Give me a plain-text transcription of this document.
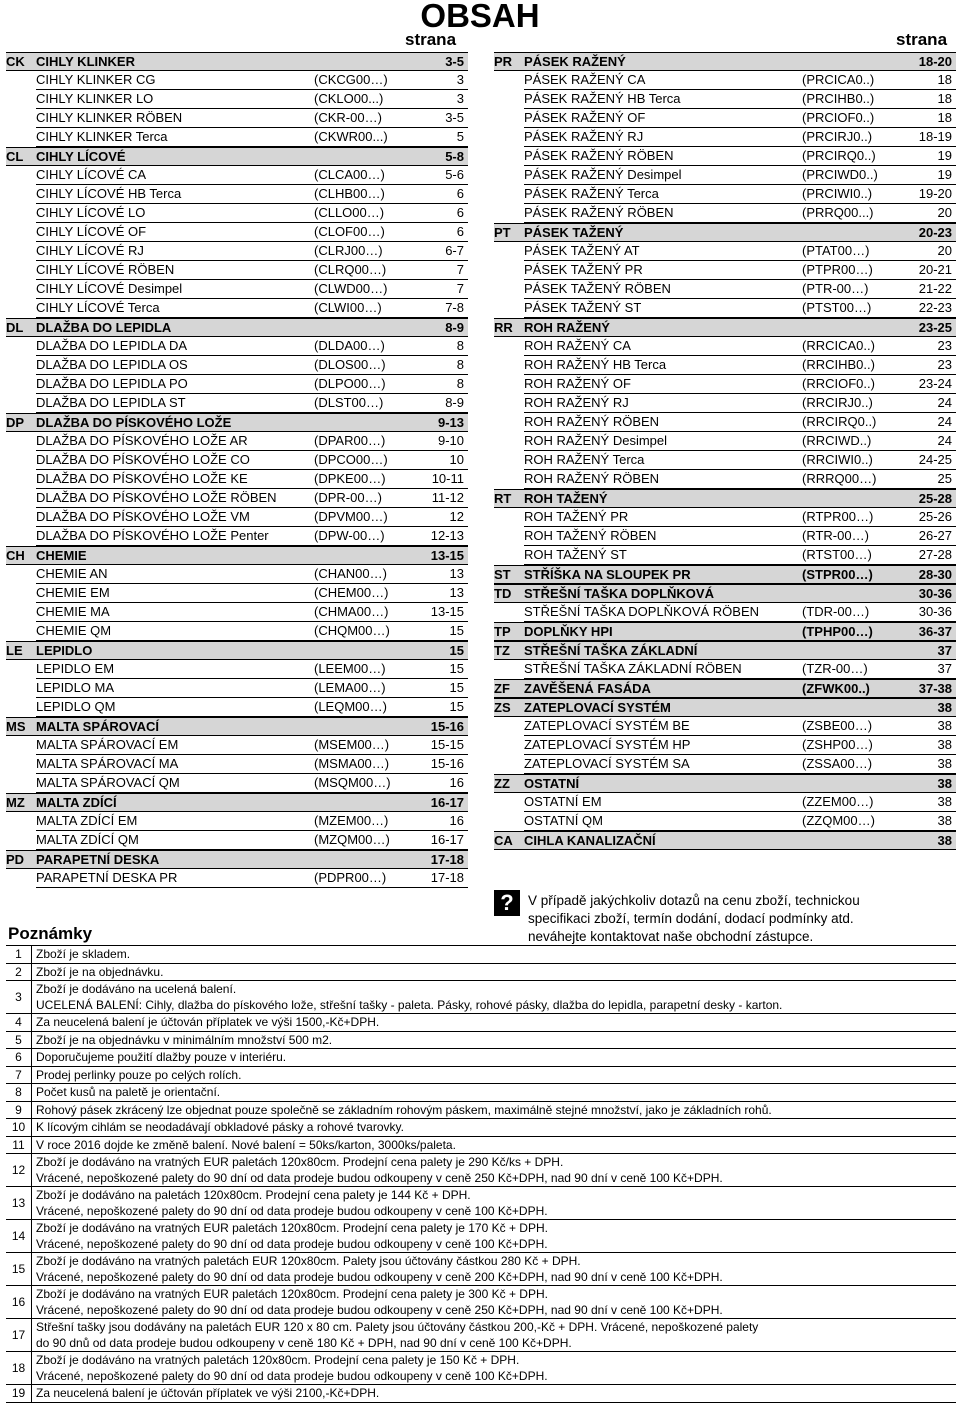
OBSAH
strana	strana
CK CIHLY KLINKER	3-5
CIHLY KLINKER CG	(CKCG00…)	3
CIHLY KLINKER LO	(CKLO00...)	3
CIHLY KLINKER RÖBEN	(CKR-00…)	3-5
CIHLY KLINKER Terca	(CKWR00...)	5
CL CIHLY LÍCOVÉ	5-8
CIHLY LÍCOVÉ CA	(CLCA00…)	5-6
CIHLY LÍCOVÉ HB Terca	(CLHB00…)	6
CIHLY LÍCOVÉ LO	(CLLO00…)	6
CIHLY LÍCOVÉ OF	(CLOF00…)	6
CIHLY LÍCOVÉ RJ	(CLRJ00…)	6-7
CIHLY LÍCOVÉ RÖBEN	(CLRQ00…)	7
CIHLY LÍCOVÉ Desimpel	(CLWD00…)	7
CIHLY LÍCOVÉ Terca	(CLWI00…)	7-8
DL DLAŽBA DO LEPIDLA	8-9
DLAŽBA DO LEPIDLA DA	(DLDA00…)	8
DLAŽBA DO LEPIDLA OS	(DLOS00…)	8
DLAŽBA DO LEPIDLA PO	(DLPO00…)	8
DLAŽBA DO LEPIDLA ST	(DLST00…)	8-9
DP DLAŽBA DO PÍSKOVÉHO LOŽE	9-13
DLAŽBA DO PÍSKOVÉHO LOŽE AR	(DPAR00…)	9-10
DLAŽBA DO PÍSKOVÉHO LOŽE CO	(DPCO00…)	10
DLAŽBA DO PÍSKOVÉHO LOŽE KE	(DPKE00…)	10-11
DLAŽBA DO PÍSKOVÉHO LOŽE RÖBEN	(DPR-00…)	11-12
DLAŽBA DO PÍSKOVÉHO LOŽE VM	(DPVM00…)	12
DLAŽBA DO PÍSKOVÉHO LOŽE Penter	(DPW-00…)	12-13
CH CHEMIE	13-15
CHEMIE AN	(CHAN00…)	13
CHEMIE EM	(CHEM00…)	13
CHEMIE MA	(CHMA00…)	13-15
CHEMIE QM	(CHQM00…)	15
LE	LEPIDLO	15
LEPIDLO EM	(LEEM00…)	15
LEPIDLO MA	(LEMA00…)	15
LEPIDLO QM	(LEQM00…)	15
MS MALTA SPÁROVACÍ	15-16
MALTA SPÁROVACÍ EM	(MSEM00…)	15-15
MALTA SPÁROVACÍ MA	(MSMA00…)	15-16
MALTA SPÁROVACÍ QM	(MSQM00…)	16
MZ MALTA ZDÍCÍ	16-17
MALTA ZDÍCÍ EM	(MZEM00…)	16
MALTA ZDÍCÍ QM	(MZQM00…)	16-17
PD PARAPETNÍ DESKA	17-18
PARAPETNÍ DESKA PR	(PDPR00…)	17-18
PR PÁSEK RAŽENÝ	18-20
PÁSEK RAŽENÝ CA	(PRCICA0..)	18
PÁSEK RAŽENÝ HB Terca	(PRCIHB0..)	18
PÁSEK RAŽENÝ OF	(PRCIOF0..)	18
PÁSEK RAŽENÝ RJ	(PRCIRJ0..)	18-19
PÁSEK RAŽENÝ RÖBEN	(PRCIRQ0..)	19
PÁSEK RAŽENÝ Desimpel	(PRCIWD0..)	19
PÁSEK RAŽENÝ Terca	(PRCIWI0..)	19-20
PÁSEK RAŽENÝ RÖBEN	(PRRQ00...)	20
PT	PÁSEK TAŽENÝ	20-23
PÁSEK TAŽENÝ AT	(PTAT00…)	20
PÁSEK TAŽENÝ PR	(PTPR00…)	20-21
PÁSEK TAŽENÝ RÖBEN	(PTR-00…)	21-22
PÁSEK TAŽENÝ ST	(PTST00…)	22-23
RR ROH RAŽENÝ	23-25
ROH RAŽENÝ CA	(RRCICA0..)	23
ROH RAŽENÝ HB Terca	(RRCIHB0..)	23
ROH RAŽENÝ OF	(RRCIOF0..)	23-24
ROH RAŽENÝ RJ	(RRCIRJ0..)	24
ROH RAŽENÝ RÖBEN	(RRCIRQ0..)	24
ROH RAŽENÝ Desimpel	(RRCIWD..)	24
ROH RAŽENÝ Terca	(RRCIWI0..)	24-25
ROH RAŽENÝ RÖBEN	(RRRQ00…)	25
RT ROH TAŽENÝ	25-28
ROH TAŽENÝ PR	(RTPR00…)	25-26
ROH TAŽENÝ RÖBEN	(RTR-00…)	26-27
ROH TAŽENÝ ST	(RTST00…)	27-28
ST	STŘÍŠKA NA SLOUPEK PR	(STPR00…)	28-30
TD STŘEŠNÍ TAŠKA DOPLŇKOVÁ	30-36
STŘEŠNÍ TAŠKA DOPLŇKOVÁ RÖBEN	(TDR-00…)	30-36
TP	DOPLŇKY HPI	(TPHP00…)	36-37
TZ	STŘEŠNÍ TAŠKA ZÁKLADNÍ	37
STŘEŠNÍ TAŠKA ZÁKLADNÍ RÖBEN	(TZR-00…)	37
ZF	ZAVĚŠENÁ FASÁDA	(ZFWK00..)	37-38
ZS	ZATEPLOVACÍ SYSTÉM	38
ZATEPLOVACÍ SYSTÉM BE	(ZSBE00…)	38
ZATEPLOVACÍ SYSTÉM HP	(ZSHP00…)	38
ZATEPLOVACÍ SYSTÉM SA	(ZSSA00…)	38
ZZ	OSTATNÍ	38
OSTATNÍ EM	(ZZEM00…)	38
OSTATNÍ QM	(ZZQM00…)	38
CA CIHLA KANALIZAČNÍ	38
?	V případě jakýchkoliv dotazů na cenu zboží, technickou
specifikaci zboží, termín dodání, dodací podmínky atd.
neváhejte kontaktovat naše obchodní zástupce.
Poznámky
1	Zboží je skladem.
2	Zboží je na objednávku.
3
Zboží je dodáváno na ucelená balení.
UCELENÁ BALENÍ: Cihly, dlažba do pískového lože, střešní tašky - paleta. Pásky, rohové pásky, dlažba do lepidla, parapetní desky - karton.
4	Za neucelená balení je účtován příplatek ve výši 1500,-Kč+DPH.
5	Zboží je na objednávku v minimálním množství 500 m2.
6	Doporučujeme použití dlažby pouze v interiéru.
7	Prodej perlinky pouze po celých rolích.
8	Počet kusů na paletě je orientační.
9	Rohový pásek zkrácený lze objednat pouze společně se základním rohovým páskem, maximálně stejné množství, jako je základních rohů.
10 K lícovým cihlám se neodadávají obkladové pásky a rohové tvarovky.
11 V roce 2016 dojde ke změně balení. Nové balení = 50ks/karton, 3000ks/paleta.
12
Zboží je dodáváno na vratných EUR paletách 120x80cm. Prodejní cena palety je 290 Kč/ks + DPH.
Vrácené, nepoškozené palety do 90 dní od data prodeje budou odkoupeny v ceně 250 Kč+DPH, nad 90 dní v ceně 100 Kč+DPH.
13
Zboží je dodáváno na paletách 120x80cm. Prodejní cena palety je 144 Kč + DPH.
Vrácené, nepoškozené palety do 90 dní od data prodeje budou odkoupeny v ceně 100 Kč+DPH.
14
Zboží je dodáváno na vratných EUR paletách 120x80cm. Prodejní cena palety je 170 Kč + DPH.
Vrácené, nepoškozené palety do 90 dní od data prodeje budou odkoupeny v ceně 100 Kč+DPH.
15
Zboží je dodáváno na vratných paletách EUR 120x80cm. Palety jsou účtovány částkou 280 Kč + DPH.
Vrácené, nepoškozené palety do 90 dní od data prodeje budou odkoupeny v ceně 200 Kč+DPH, nad 90 dní v ceně 100 Kč+DPH.
16
Zboží je dodáváno na vratných EUR paletách 120x80cm. Prodejní cena palety je 300 Kč + DPH.
Vrácené, nepoškozené palety do 90 dní od data prodeje budou odkoupeny v ceně 250 Kč+DPH, nad 90 dní v ceně 100 Kč+DPH.
17
Střešní tašky jsou dodávány na paletách EUR 120 x 80 cm. Palety jsou účtovány částkou 200,-Kč + DPH. Vrácené, nepoškozené palety
do 90 dnů od data prodeje budou odkoupeny v ceně 180 Kč + DPH, nad 90 dní v ceně 100 Kč+DPH.
18
Zboží je dodáváno na vratných paletách 120x80cm. Prodejní cena palety je 150 Kč + DPH.
Vrácené, nepoškozené palety do 90 dní od data prodeje budou odkoupeny v ceně 100 Kč+DPH.
19 Za neucelená balení je účtován příplatek ve výši 2100,-Kč+DPH.
